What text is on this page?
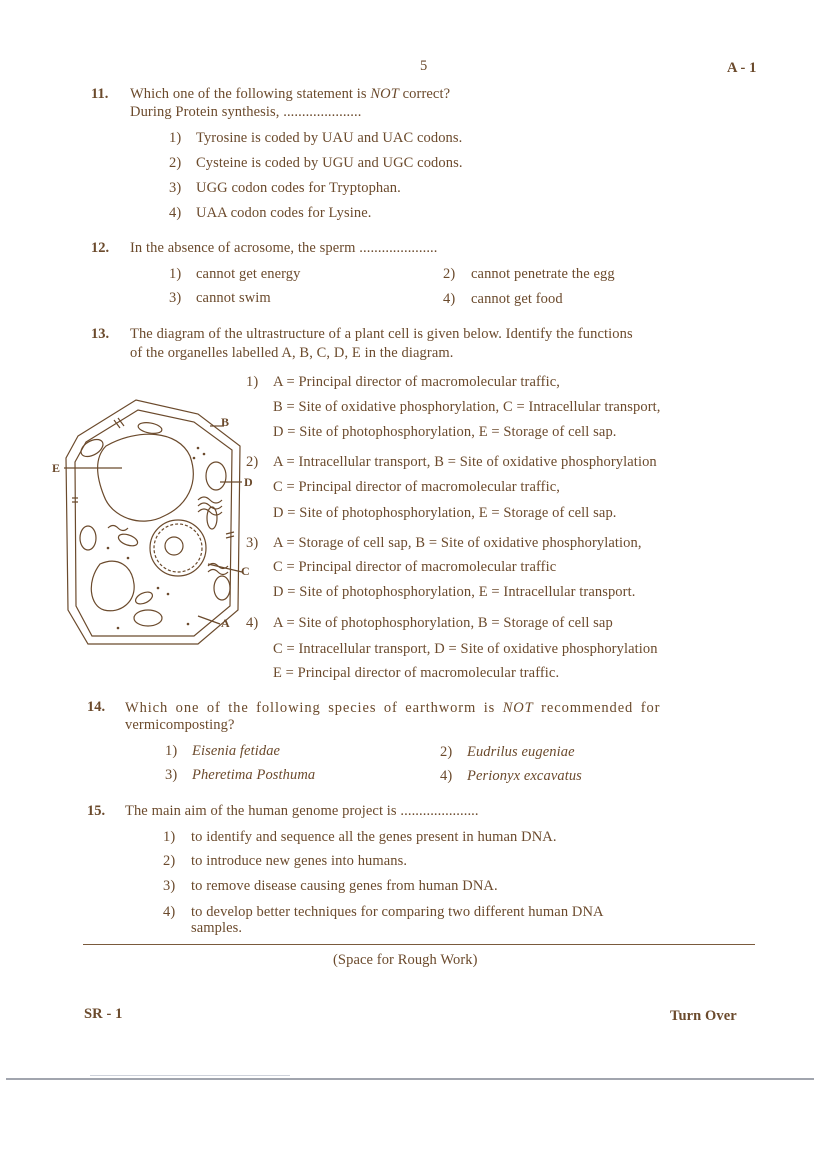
5	A - 1
11. Which one of the following statement is NOT correct?
During Protein synthesis, .....................
1) Tyrosine is coded by UAU and UAC codons.
2) Cysteine is coded by UGU and UGC codons.
3) UGG codon codes for Tryptophan.
4) UAA codon codes for Lysine.
12. In the absence of acrosome, the sperm .....................
1) cannot get energy	2) cannot penetrate the egg
3) cannot swim	4) cannot get food
13. The diagram of the ultrastructure of a plant cell is given below. Identify the functions
of the organelles labelled A, B, C, D, E in the diagram.
B
E
D
C
A
1) A = Principal director of macromolecular traffic,
B = Site of oxidative phosphorylation, C = Intracellular transport,
D = Site of photophosphorylation, E = Storage of cell sap.
2) A = Intracellular transport, B = Site of oxidative phosphorylation
C = Principal director of macromolecular traffic,
D = Site of photophosphorylation, E = Storage of cell sap.
3) A = Storage of cell sap, B = Site of oxidative phosphorylation,
C = Principal director of macromolecular traffic
D = Site of photophosphorylation, E = Intracellular transport.
4) A = Site of photophosphorylation, B = Storage of cell sap
C = Intracellular transport, D = Site of oxidative phosphorylation
E = Principal director of macromolecular traffic.
14. Which one of the following species of earthworm is NOT recommended for
vermicomposting?
1) Eisenia fetidae	2) Eudrilus eugeniae
3) Pheretima Posthuma	4) Perionyx excavatus
15. The main aim of the human genome project is .....................
1) to identify and sequence all the genes present in human DNA.
2) to introduce new genes into humans.
3) to remove disease causing genes from human DNA.
4) to develop better techniques for comparing two different human DNA
samples.
(Space for Rough Work)
SR - 1	Turn Over
